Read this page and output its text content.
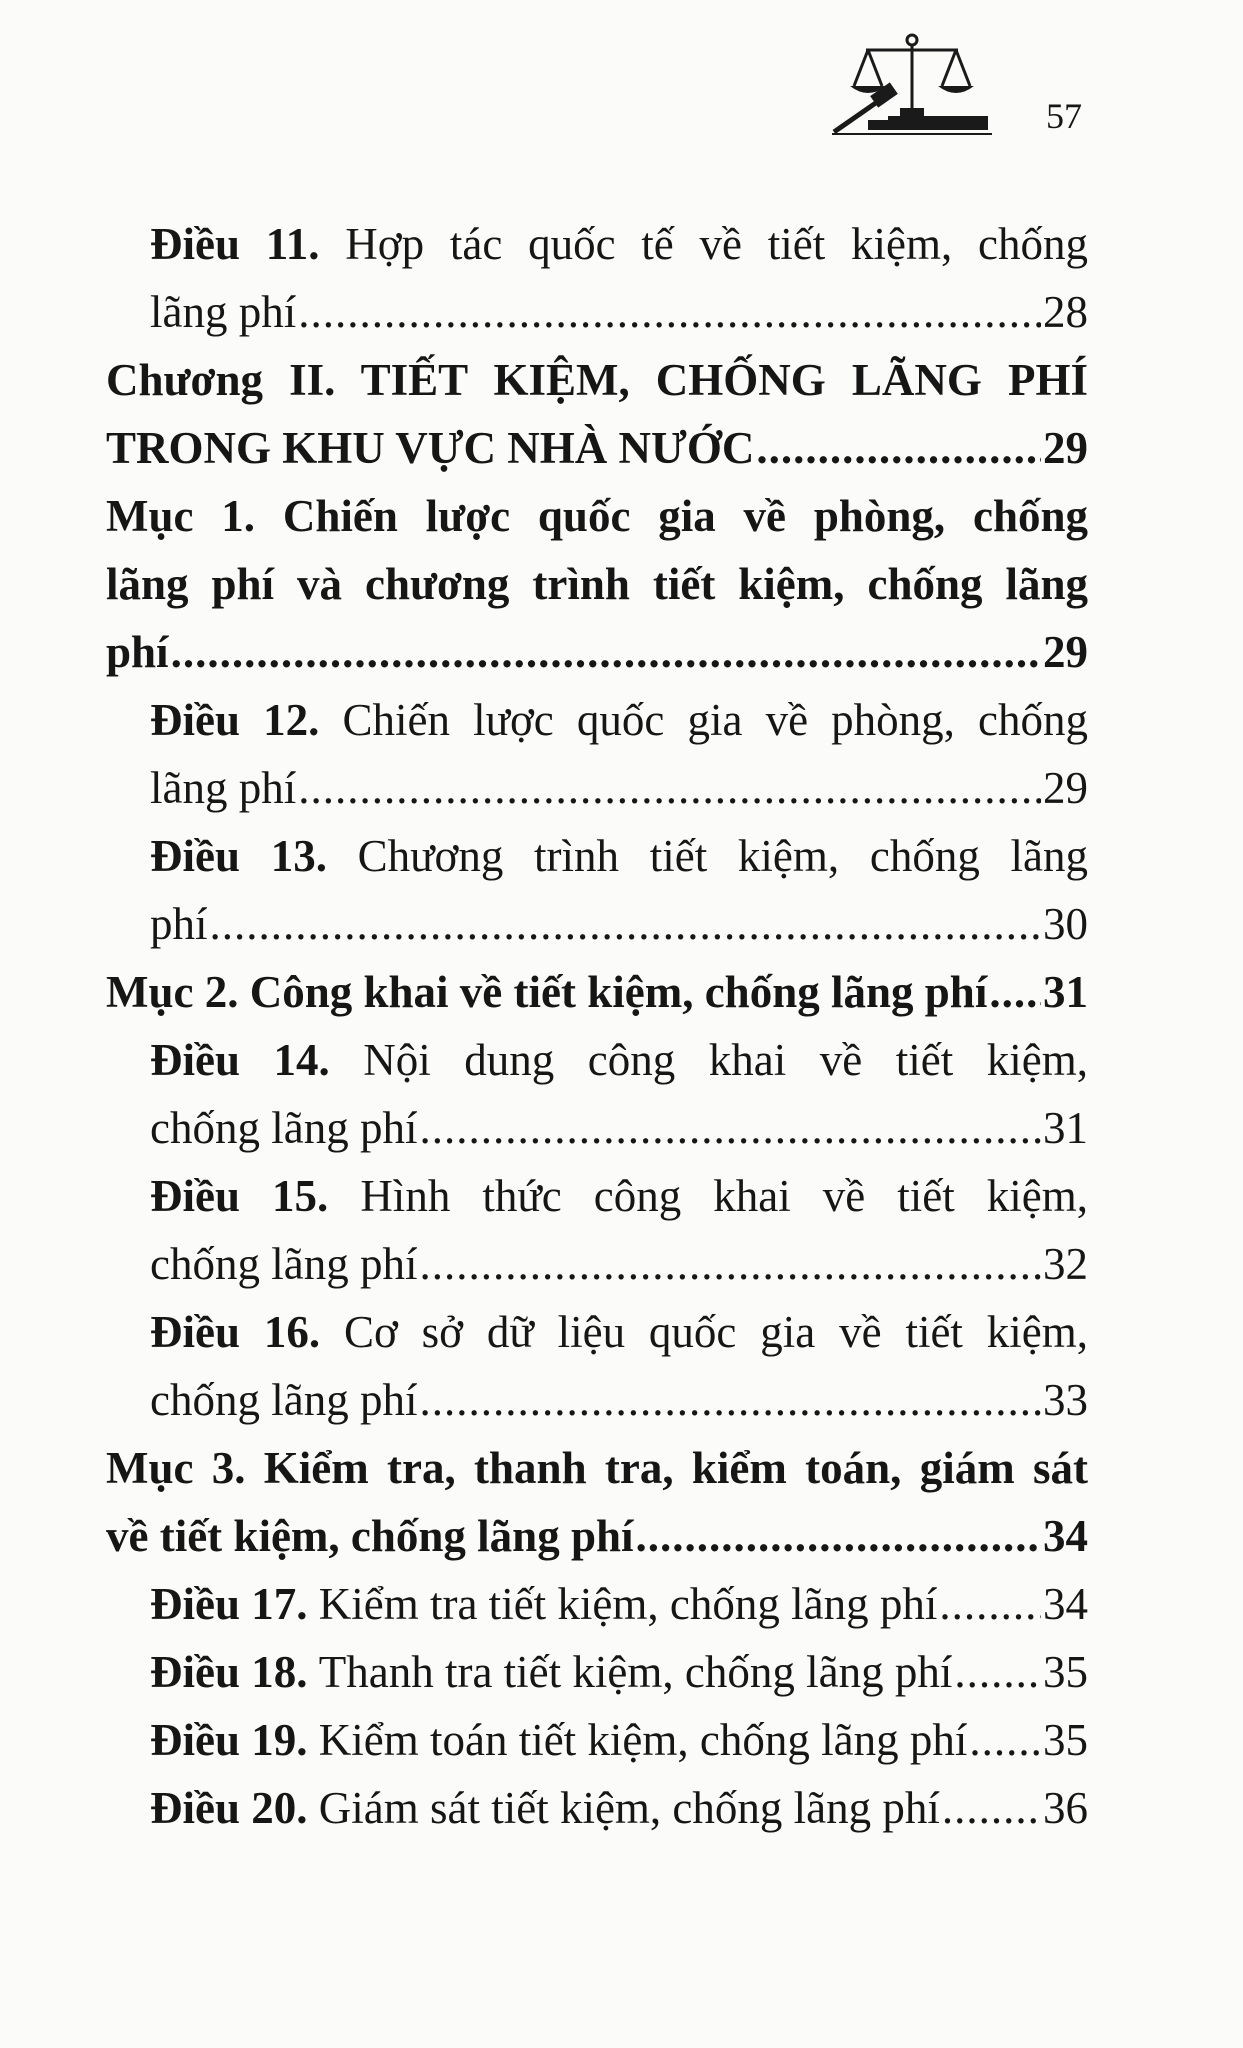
57
Điều 11. Hợp tác quốc tế về tiết kiệm, chống
lãng phí .....	28
Chương II. TIẾT KIỆM, CHỐNG LÃNG PHÍ
TRONG KHU VỰC NHÀ NƯỚC .....	29
Mục 1. Chiến lược quốc gia về phòng, chống
lãng phí và chương trình tiết kiệm, chống lãng
phí .....	29
Điều 12. Chiến lược quốc gia về phòng, chống
lãng phí .....	29
Điều 13. Chương trình tiết kiệm, chống lãng
phí .....	30
Mục 2. Công khai về tiết kiệm, chống lãng phí ..... 31
Điều 14. Nội dung công khai về tiết kiệm,
chống lãng phí .....	31
Điều 15. Hình thức công khai về tiết kiệm,
chống lãng phí .....	32
Điều 16. Cơ sở dữ liệu quốc gia về tiết kiệm,
chống lãng phí .....	33
Mục 3. Kiểm tra, thanh tra, kiểm toán, giám sát
về tiết kiệm, chống lãng phí .....	34
Điều 17.
Kiểm tra tiết kiệm, chống lãng phí ..... 34
Điều 18.
Thanh tra tiết kiệm, chống lãng phí ..... 35
Điều 19.
Kiểm toán tiết kiệm, chống lãng phí ..... 35
Điều 20.
Giám sát tiết kiệm, chống lãng phí ..... 36
